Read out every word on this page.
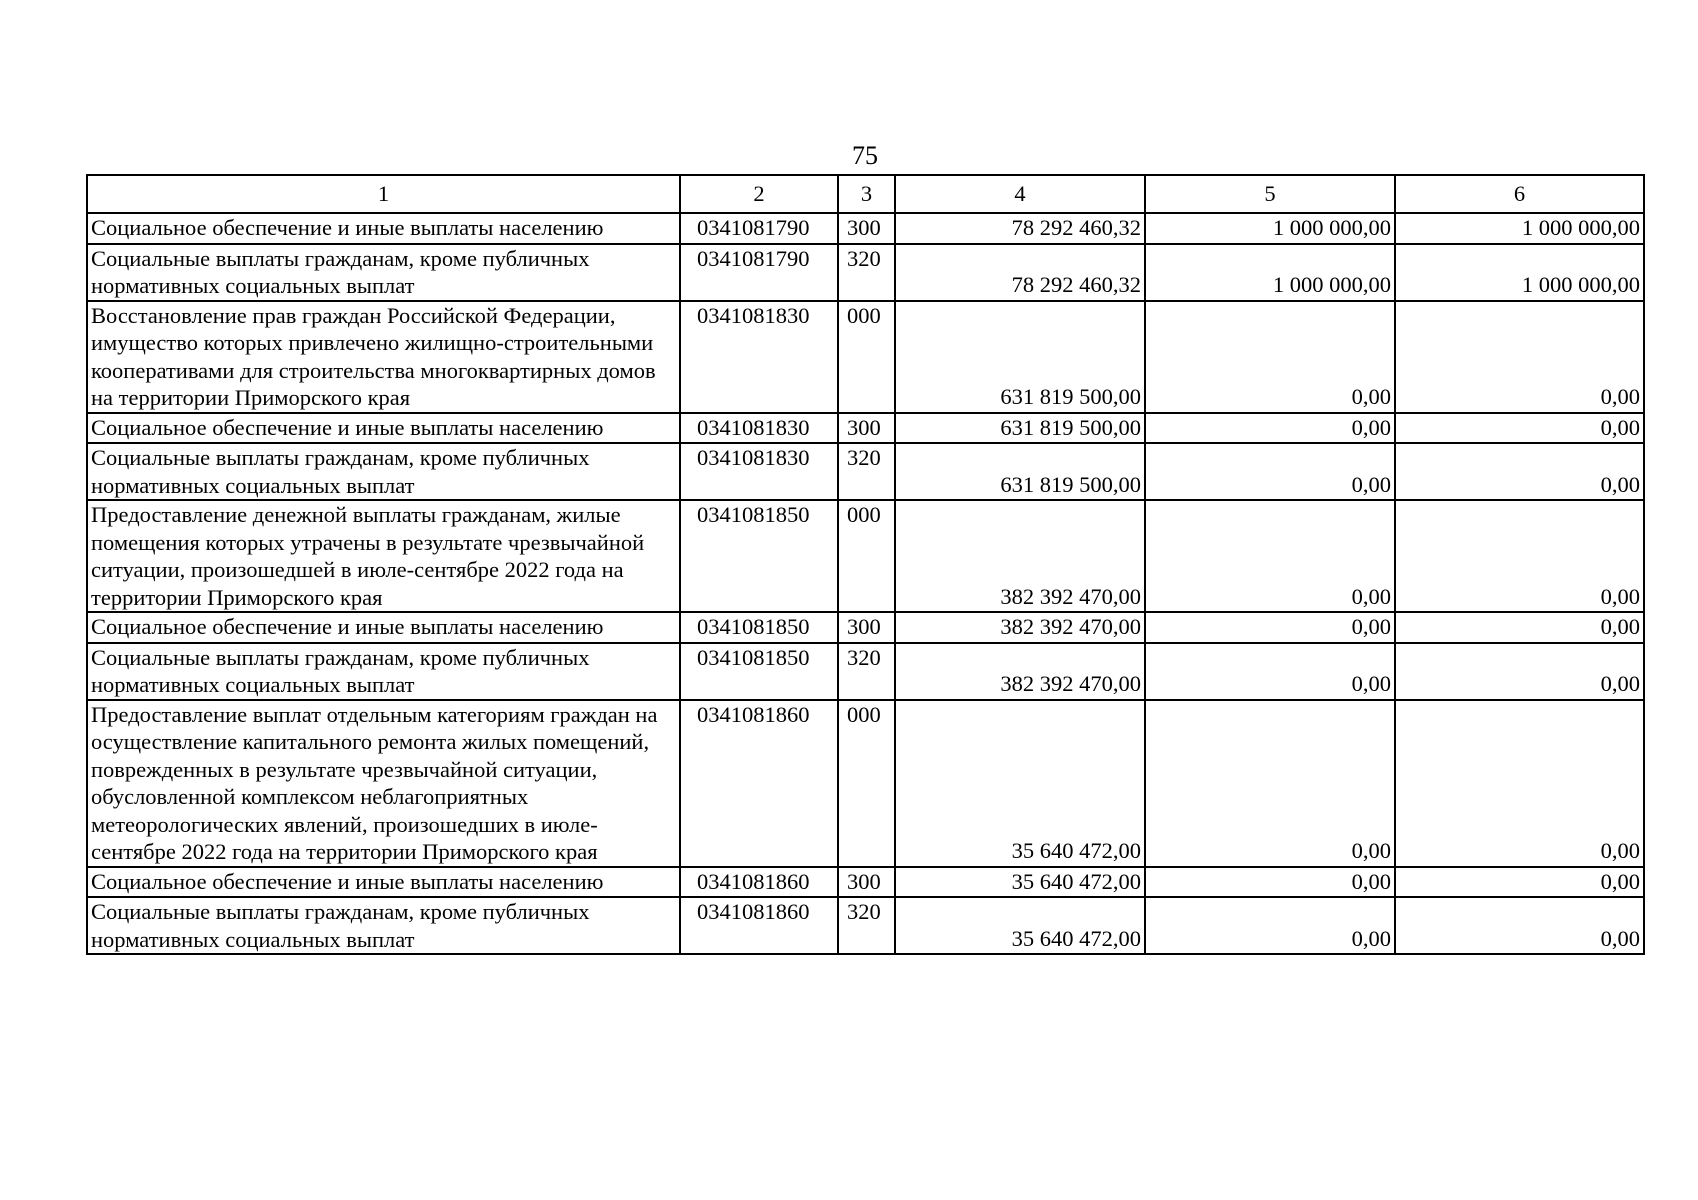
75
1	2	3	4	5	6
Социальное обеспечение и иные выплаты населению	0341081790	300	78 292 460,32	1 000 000,00	1 000 000,00
Социальные выплаты гражданам, кроме публичных нормативных социальных выплат	0341081790	320	78 292 460,32	1 000 000,00	1 000 000,00
Восстановление прав граждан Российской Федерации, имущество которых привлечено жилищно-строительными кооперативами для строительства многоквартирных домов на территории Приморского края	0341081830	000	631 819 500,00	0,00	0,00
Социальное обеспечение и иные выплаты населению	0341081830	300	631 819 500,00	0,00	0,00
Социальные выплаты гражданам, кроме публичных нормативных социальных выплат	0341081830	320	631 819 500,00	0,00	0,00
Предоставление денежной выплаты гражданам, жилые помещения которых утрачены в результате чрезвычайной ситуации, произошедшей в июле-сентябре 2022 года на территории Приморского края	0341081850	000	382 392 470,00	0,00	0,00
Социальное обеспечение и иные выплаты населению	0341081850	300	382 392 470,00	0,00	0,00
Социальные выплаты гражданам, кроме публичных нормативных социальных выплат	0341081850	320	382 392 470,00	0,00	0,00
Предоставление выплат отдельным категориям граждан на осуществление капитального ремонта жилых помещений, поврежденных в результате чрезвычайной ситуации, обусловленной комплексом неблагоприятных метеорологических явлений, произошедших в июле-сентябре 2022 года на территории Приморского края	0341081860	000	35 640 472,00	0,00	0,00
Социальное обеспечение и иные выплаты населению	0341081860	300	35 640 472,00	0,00	0,00
Социальные выплаты гражданам, кроме публичных нормативных социальных выплат	0341081860	320	35 640 472,00	0,00	0,00
